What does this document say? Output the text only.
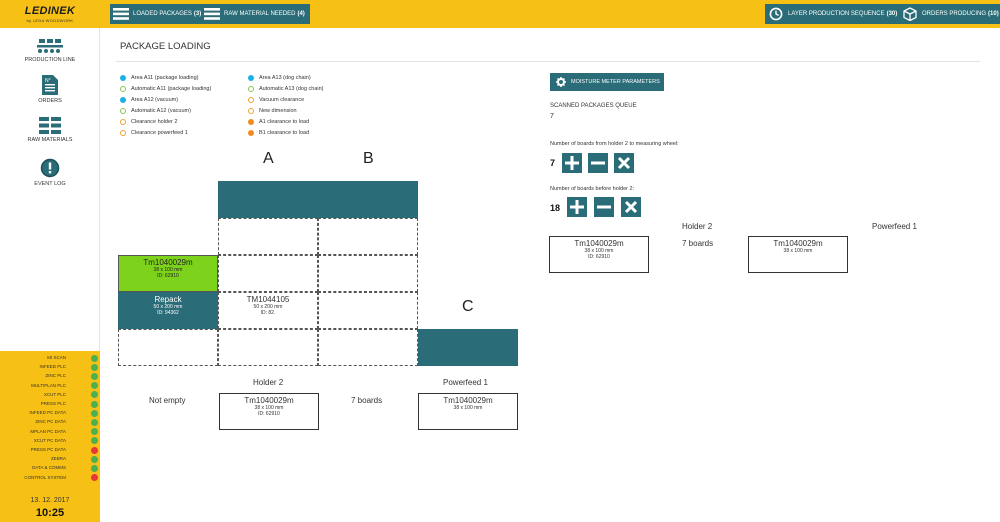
LEDINEK
by LEDA WOODWORK
LOADED PACKAGES (3)	RAW MATERIAL NEEDED (4)	LAYER PRODUCTION SEQUENCE (30)	ORDERS PRODUCING (10)
PRODUCTION LINE
N°
ORDERS
RAW MATERIALS
EVENT LOG
MI SCAN
INFEED PLC
ZINC PLC
MULTIPLAN PLC
XCUT PLC
PRESS PLC
INFEED PC DATA
ZINC PC DATA
MPLAN PC DATA
XCUT PC DATA
PRESS PC DATA
ZEBRA
DATA & COMMS
CONTROL SYSTEM
13. 12. 2017
10:25
PACKAGE LOADING
Area A11 (package loading)
Automatic A11 (package loading)
Area A12 (vacuum)
Automatic A12 (vacuum)
Clearance holder 2
Clearance powerfeed 1
Area A13 (dog chain)
Automatic A13 (dog chain)
Vacuum clearance
New dimension
A1 clearance to load
B1 clearance to load
A	B
C
Tm1040029m
38 x 100 mm
ID: 62910
Repack
50 x 200 mm
ID: 94362
TM1044105
50 x 200 mm
ID: 82.
Holder 2	Powerfeed 1
Not empty	Tm1040029m
38 x 100 mm
ID: 62910
7 boards	Tm1040029m
38 x 100 mm
MOISTURE METER PARAMETERS
SCANNED PACKAGES QUEUE
7
Number of boards from holder 2 to measuring wheel:
7
Number of boards before holder 2:
18
Holder 2	Powerfeed 1
Tm1040029m
38 x 100 mm
ID: 62910
7 boards	Tm1040029m
38 x 100 mm
